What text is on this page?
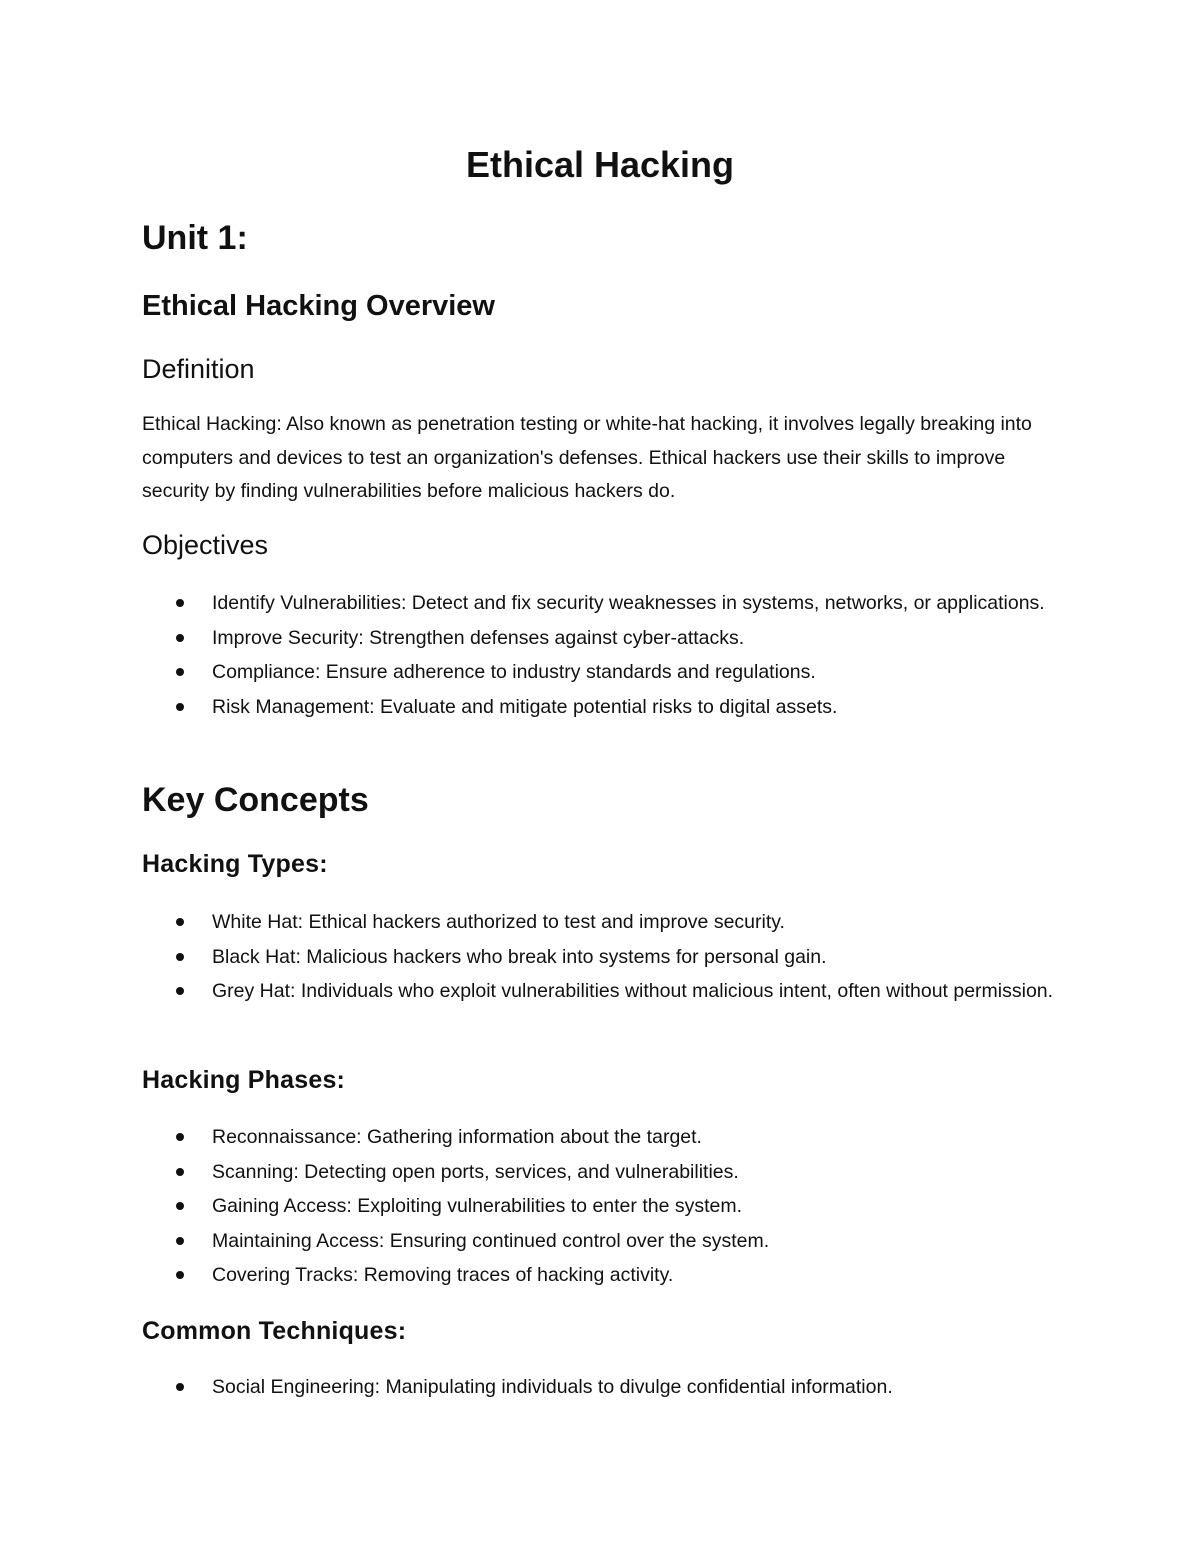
Ethical Hacking
Unit 1:
Ethical Hacking Overview
Definition

Ethical Hacking: Also known as penetration testing or white-hat hacking, it involves legally breaking into computers and devices to test an organization's defenses. Ethical hackers use their skills to improve security by finding vulnerabilities before malicious hackers do.

Objectives
Identify Vulnerabilities: Detect and fix security weaknesses in systems, networks, or applications.
Improve Security: Strengthen defenses against cyber-attacks.
Compliance: Ensure adherence to industry standards and regulations.
Risk Management: Evaluate and mitigate potential risks to digital assets.
Key Concepts
Hacking Types:
White Hat: Ethical hackers authorized to test and improve security.
Black Hat: Malicious hackers who break into systems for personal gain.
Grey Hat: Individuals who exploit vulnerabilities without malicious intent, often without permission.
Hacking Phases:
Reconnaissance: Gathering information about the target.
Scanning: Detecting open ports, services, and vulnerabilities.
Gaining Access: Exploiting vulnerabilities to enter the system.
Maintaining Access: Ensuring continued control over the system.
Covering Tracks: Removing traces of hacking activity.
Common Techniques:
Social Engineering: Manipulating individuals to divulge confidential information.
